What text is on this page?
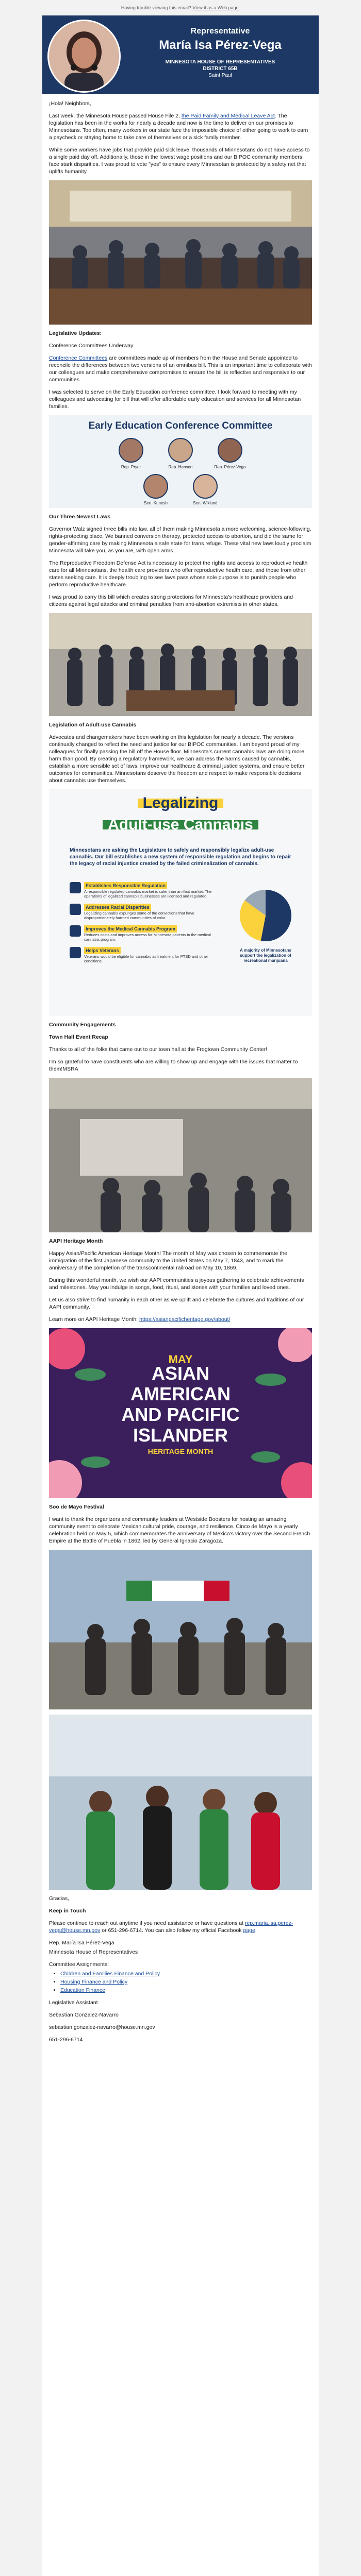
Having trouble viewing this email? View it as a Web page.
Representative
María Isa Pérez-Vega
MINNESOTA HOUSE OF REPRESENTATIVES
DISTRICT 65B
Saint Paul

¡Hola! Neighbors,

Last week, the Minnesota House passed House File 2, the Paid Family and Medical Leave Act. The legislation has been in the works for nearly a decade and now is the time to deliver on our promises to Minnesotans. Too often, many workers in our state face the impossible choice of either going to work to earn a paycheck or staying home to take care of themselves or a sick family member.

While some workers have jobs that provide paid sick leave, thousands of Minnesotans do not have access to a single paid day off. Additionally, those in the lowest wage positions and our BIPOC community members face stark disparities. I was proud to vote "yes" to ensure every Minnesotan is protected by a safety net that uplifts humanity.

Legislative Updates:

Conference Committees Underway

Conference Committees are committees made up of members from the House and Senate appointed to reconcile the differences between two versions of an omnibus bill. This is an important time to collaborate with our colleagues and make comprehensive compromises to ensure the bill is reflective and responsive to our communities.

I was selected to serve on the Early Education conference committee. I look forward to meeting with my colleagues and advocating for bill that will offer affordable early education and services for all Minnesotan families.

Early Education Conference Committee
Rep. Pryor	Rep. Hanson	Rep. Pérez-Vega
Sen. Kunesh	Sen. Wiklund

Our Three Newest Laws

Governor Walz signed three bills into law, all of them making Minnesota a more welcoming, science-following, rights-protecting place. We banned conversion therapy, protected access to abortion, and did the same for gender-affirming care by making Minnesota a safe state for trans refuge. These vital new laws loudly proclaim Minnesota will take you, as you are, with open arms.

The Reproductive Freedom Defense Act is necessary to protect the rights and access to reproductive health care for all Minnesotans, the health care providers who offer reproductive health care, and those from other states seeking care. It is deeply troubling to see laws pass whose sole purpose is to punish people who perform reproductive healthcare.

I was proud to carry this bill which creates strong protections for Minnesota's healthcare providers and citizens against legal attacks and criminal penalties from anti-abortion extremists in other states.

Legislation of Adult-use Cannabis

Advocates and changemakers have been working on this legislation for nearly a decade. The versions continually changed to reflect the need and justice for our BIPOC communities. I am beyond proud of my colleagues for finally passing the bill off the House floor. Minnesota's current cannabis laws are doing more harm than good. By creating a regulatory framework, we can address the harms caused by cannabis, establish a more sensible set of laws, improve our healthcare & criminal justice systems, and ensure better outcomes for communities. Minnesotans deserve the freedom and respect to make responsible decisions about cannabis use themselves.

Legalizing
Adult-use Cannabis
Minnesotans are asking the Legislature to safely and responsibly legalize adult-use cannabis. Our bill establishes a new system of responsible regulation and begins to repair the legacy of racial injustice created by the failed criminalization of cannabis.
Establishes Responsible Regulation
A responsible regulated cannabis market is safer than an illicit market. The operations of legalized cannabis businesses are licensed and regulated.
Addresses Racial Disparities
Legalizing cannabis expunges some of the convictions that have disproportionately harmed communities of color.
Improves the Medical Cannabis Program
Reduces costs and improves access for Minnesota patients in the medical cannabis program.
Helps Veterans
Veterans would be eligible for cannabis as treatment for PTSD and other conditions.
A majority of Minnesotans support the legalization of recreational marijuana

Community Engagements

Town Hall Event Recap

Thanks to all of the folks that came out to our town hall at the Frogtown Community Center!

I'm so grateful to have constituents who are willing to show up and engage with the issues that matter to them!MSRA

AAPI Heritage Month

Happy Asian/Pacific American Heritage Month! The month of May was chosen to commemorate the immigration of the first Japanese community to the United States on May 7, 1843, and to mark the anniversary of the completion of the transcontinental railroad on May 10, 1869.

During this wonderful month, we wish our AAPI communities a joyous gathering to celebrate achievements and milestones. May you indulge in songs, food, ritual, and stories with your families and loved ones.

Let us also strive to find humanity in each other as we uplift and celebrate the cultures and traditions of our AAPI community.

Learn more on AAPI Heritage Month: https://asianpacificheritage.gov/about/

MAY
ASIAN
AMERICAN
AND PACIFIC
ISLANDER
HERITAGE MONTH

Soo de Mayo Festival

I want to thank the organizers and community leaders at Westside Boosters for hosting an amazing community event to celebrate Mexican cultural pride, courage, and resilience. Cinco de Mayo is a yearly celebration held on May 5, which commemorates the anniversary of Mexico's victory over the Second French Empire at the Battle of Puebla in 1862, led by General Ignacio Zaragoza.

Gracias,

Keep in Touch

Please continue to reach out anytime if you need assistance or have questions at rep.maria.isa.perez-vega@house.mn.gov or 651-296-6714. You can also follow my official Facebook page.

Rep. María Isa Pérez-Vega

Minnesota House of Representatives

Committee Assignments:

• Children and Families Finance and Policy
• Housing Finance and Policy
• Education Finance

Legislative Assistant

Sebastian Gonzalez-Navarro

sebastian.gonzalez-navarro@house.mn.gov

651-296-6714
